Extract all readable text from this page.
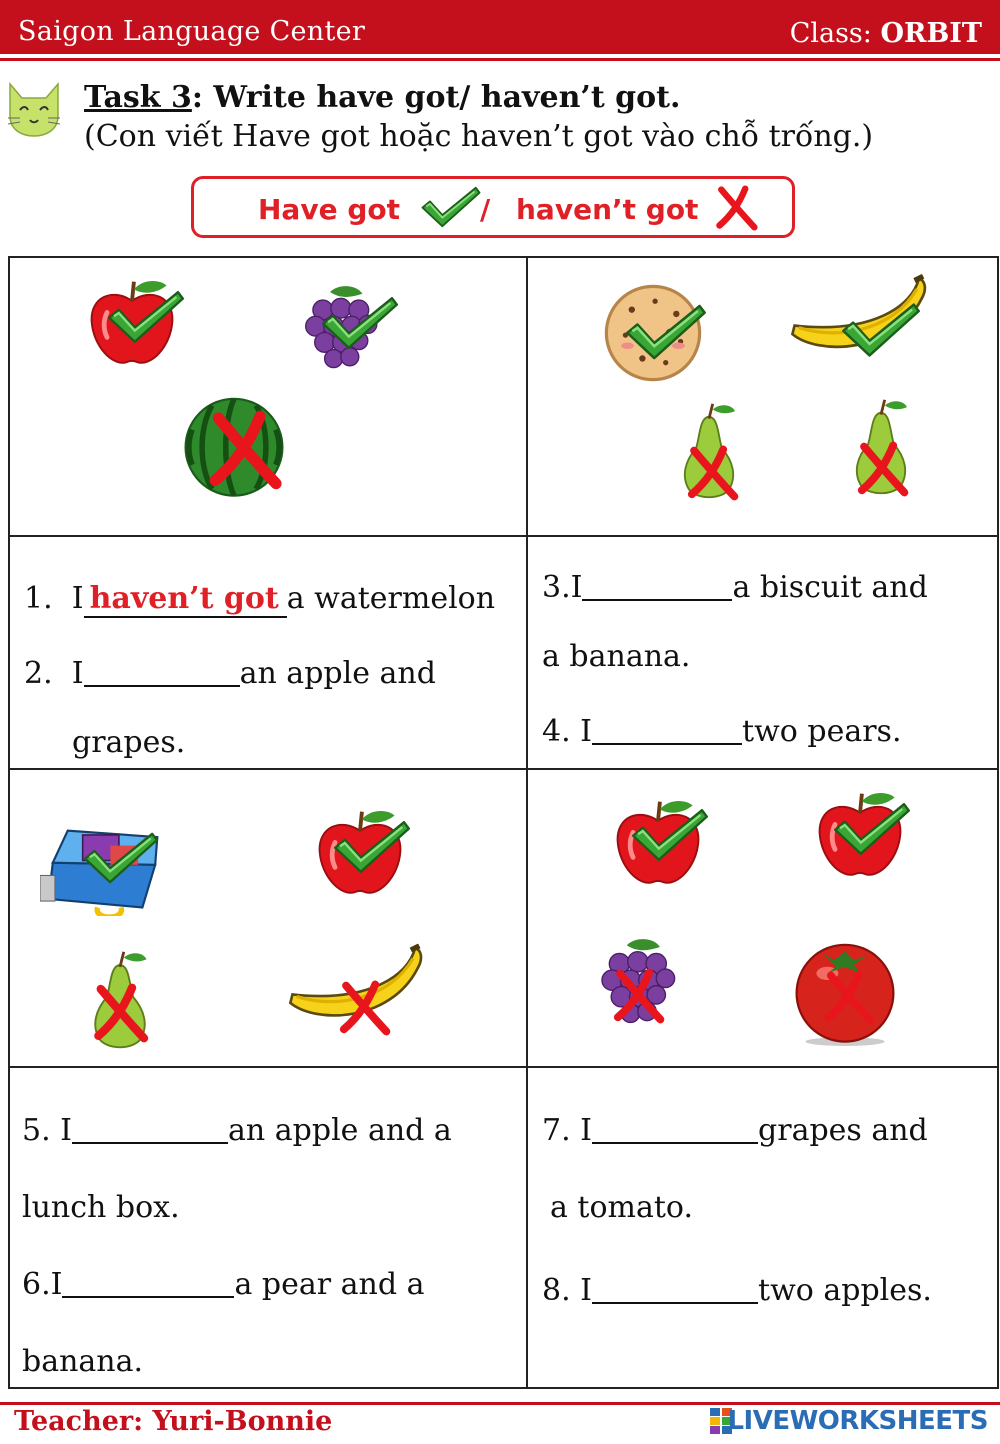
Saigon Language Center	Class: ORBIT
Task 3: Write have got/ haven’t got.
(Con viết Have got hoặc haven’t got vào chỗ trống.)
Have got	/ haven’t got
1. I haven’t got a watermelon
2. I	an apple and
grapes.
3.I	a biscuit and
a banana.
4. I	two pears.
5. I	an apple and a
lunch box.
6.I	a pear and a
banana.
7. I	grapes and
a tomato.
8. I	two apples.
Teacher: Yuri-Bonnie	LIVEWORKSHEETS
